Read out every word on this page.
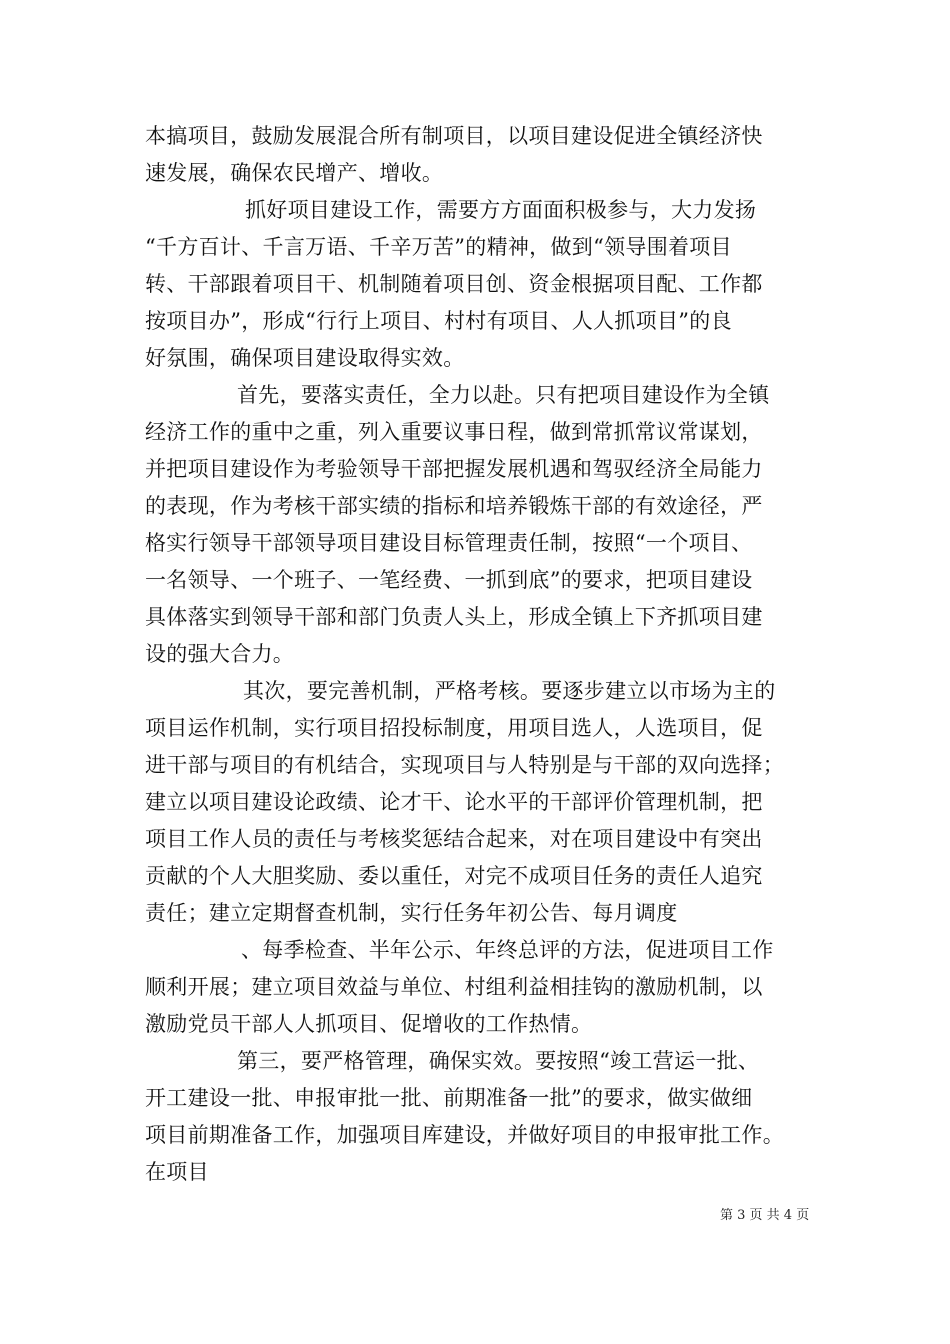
本搞项目，鼓励发展混合所有制项目，以项目建设促进全镇经济快
速发展，确保农民增产、增收。
抓好项目建设工作，需要方方面面积极参与，大力发扬
“千方百计、千言万语、千辛万苦”的精神，做到“领导围着项目
转、干部跟着项目干、机制随着项目创、资金根据项目配、工作都
按项目办”，形成“行行上项目、村村有项目、人人抓项目”的良
好氛围，确保项目建设取得实效。
首先，要落实责任，全力以赴。只有把项目建设作为全镇
经济工作的重中之重，列入重要议事日程，做到常抓常议常谋划，
并把项目建设作为考验领导干部把握发展机遇和驾驭经济全局能力
的表现，作为考核干部实绩的指标和培养锻炼干部的有效途径，严
格实行领导干部领导项目建设目标管理责任制，按照“一个项目、
一名领导、一个班子、一笔经费、一抓到底”的要求，把项目建设
具体落实到领导干部和部门负责人头上，形成全镇上下齐抓项目建
设的强大合力。
其次，要完善机制，严格考核。要逐步建立以市场为主的
项目运作机制，实行项目招投标制度，用项目选人，人选项目，促
进干部与项目的有机结合，实现项目与人特别是与干部的双向选择；
建立以项目建设论政绩、论才干、论水平的干部评价管理机制，把
项目工作人员的责任与考核奖惩结合起来，对在项目建设中有突出
贡献的个人大胆奖励、委以重任，对完不成项目任务的责任人追究
责任；建立定期督查机制，实行任务年初公告、每月调度
、每季检查、半年公示、年终总评的方法，促进项目工作
顺利开展；建立项目效益与单位、村组利益相挂钩的激励机制，以
激励党员干部人人抓项目、促增收的工作热情。
第三，要严格管理，确保实效。要按照“竣工营运一批、
开工建设一批、申报审批一批、前期准备一批”的要求，做实做细
项目前期准备工作，加强项目库建设，并做好项目的申报审批工作。
在项目
第 3 页 共 4 页
